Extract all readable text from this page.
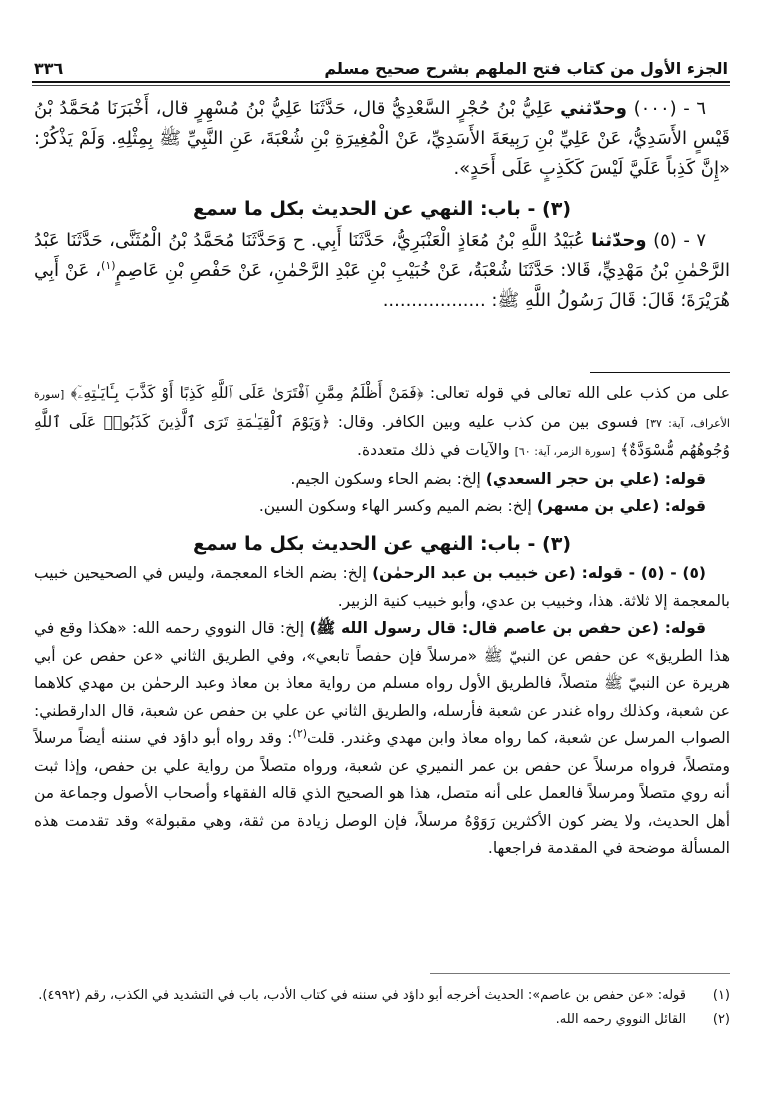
الجزء الأول من كتاب فتح الملهم بشرح صحيح مسلم
٣٣٦

٦ - (٠٠٠) وحدّثني عَلِيُّ بْنُ حُجْرٍ السَّعْدِيُّ قال، حَدَّثَنَا عَلِيُّ بْنُ مُسْهِرٍ قال، أَخْبَرَنَا مُحَمَّدُ بْنُ قَيْسٍ الأَسَدِيُّ، عَنْ عَلِيِّ بْنِ رَبِيعَةَ الأَسَدِيِّ، عَنْ الْمُغِيرَةِ بْنِ شُعْبَةَ، عَنِ النَّبِيِّ ﷺ بِمِثْلِهِ. وَلَمْ يَذْكُرْ: «إِنَّ كَذِباً عَلَيَّ لَيْسَ كَكَذِبٍ عَلَى أَحَدٍ».

(٣) - باب: النهي عن الحديث بكل ما سمع

٧ - (٥) وحدّثنا عُبَيْدُ اللَّهِ بْنُ مُعَاذٍ الْعَنْبَرِيُّ، حَدَّثَنَا أَبِي. ح وَحَدَّثَنَا مُحَمَّدُ بْنُ الْمُثَنَّى، حَدَّثَنَا عَبْدُ الرَّحْمٰنِ بْنُ مَهْدِيٍّ، قَالا: حَدَّثَنَا شُعْبَةُ، عَنْ خُبَيْبِ بْنِ عَبْدِ الرَّحْمٰنِ، عَنْ حَفْصِ بْنِ عَاصِمٍ$^{(١)}$، عَنْ أَبِي هُرَيْرَةَ؛ قَالَ: قَالَ رَسُولُ اللَّهِ ﷺ: ..................

على من كذب على الله تعالى في قوله تعالى: ﴿فَمَنْ أَظْلَمُ مِمَّنِ ٱفْتَرَىٰ عَلَى ٱللَّهِ كَذِبًا أَوْ كَذَّبَ بِـَٔايَـٰتِهِۦٓ﴾ [سورة الأعراف، آية: ٣٧] فسوى بين من كذب عليه وبين الكافر. وقال: ﴿وَيَوْمَ ٱلْقِيَـٰمَةِ تَرَى ٱلَّذِينَ كَذَبُوا۟ عَلَى ٱللَّهِ وُجُوهُهُم مُّسْوَدَّةٌ﴾ [سورة الزمر، آية: ٦٠] والآيات في ذلك متعددة.

قوله: (علي بن حجر السعدي) إلخ: بضم الحاء وسكون الجيم.

قوله: (علي بن مسهر) إلخ: بضم الميم وكسر الهاء وسكون السين.

(٣) - باب: النهي عن الحديث بكل ما سمع

(٥) - (٥) - قوله: (عن خبيب بن عبد الرحمٰن) إلخ: بضم الخاء المعجمة، وليس في الصحيحين خبيب بالمعجمة إلا ثلاثة. هذا، وخبيب بن عدي، وأبو خبيب كنية الزبير.

قوله: (عن حفص بن عاصم قال: قال رسول الله ﷺ) إلخ: قال النووي رحمه الله: «هكذا وقع في هذا الطريق» عن حفص عن النبيّ ﷺ «مرسلاً فإن حفصاً تابعي»، وفي الطريق الثاني «عن حفص عن أبي هريرة عن النبيّ ﷺ متصلاً، فالطريق الأول رواه مسلم من رواية معاذ بن معاذ وعبد الرحمٰن بن مهدي كلاهما عن شعبة، وكذلك رواه غندر عن شعبة فأرسله، والطريق الثاني عن علي بن حفص عن شعبة، قال الدارقطني: الصواب المرسل عن شعبة، كما رواه معاذ وابن مهدي وغندر. قلت$^{(٢)}$: وقد رواه أبو داؤد في سننه أيضاً مرسلاً ومتصلاً، فرواه مرسلاً عن حفص بن عمر النميري عن شعبة، ورواه متصلاً من رواية علي بن حفص، وإذا ثبت أنه روي متصلاً ومرسلاً فالعمل على أنه متصل، هذا هو الصحيح الذي قاله الفقهاء وأصحاب الأصول وجماعة من أهل الحديث، ولا يضر كون الأكثرين رَوَوْهُ مرسلاً، فإن الوصل زيادة من ثقة، وهي مقبولة» وقد تقدمت هذه المسألة موضحة في المقدمة فراجعها.

(١)
قوله: «عن حفص بن عاصم»: الحديث أخرجه أبو داؤد في سننه في كتاب الأدب، باب في التشديد في الكذب، رقم (٤٩٩٢).
(٢)
القائل النووي رحمه الله.
